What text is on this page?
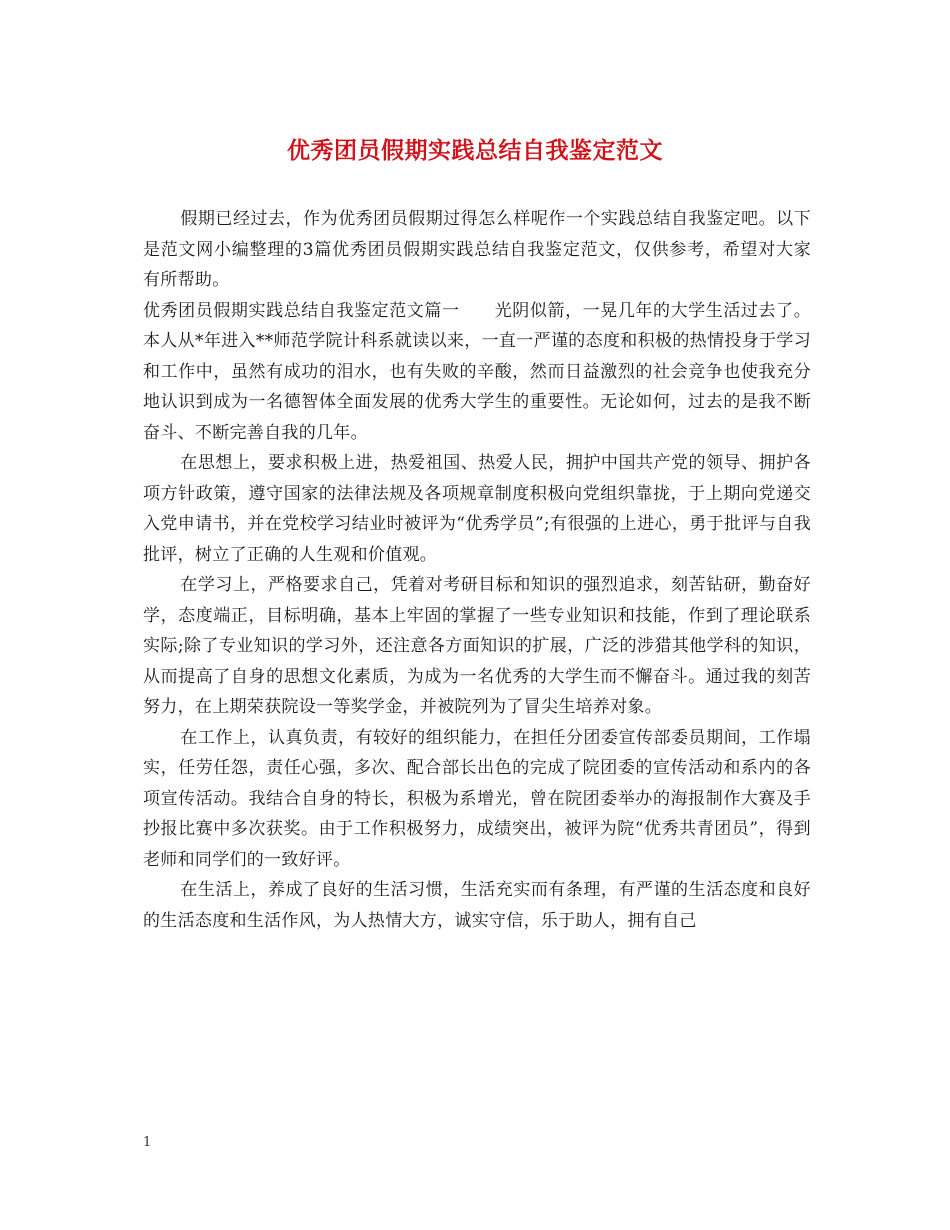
优秀团员假期实践总结自我鉴定范文

假期已经过去，作为优秀团员假期过得怎么样呢作一个实践总结自我鉴定吧。以下是范文网小编整理的3篇优秀团员假期实践总结自我鉴定范文，仅供参考，希望对大家有所帮助。

优秀团员假期实践总结自我鉴定范文篇一　　光阴似箭，一晃几年的大学生活过去了。本人从*年进入**师范学院计科系就读以来，一直一严谨的态度和积极的热情投身于学习和工作中，虽然有成功的泪水，也有失败的辛酸，然而日益激烈的社会竞争也使我充分地认识到成为一名德智体全面发展的优秀大学生的重要性。无论如何，过去的是我不断奋斗、不断完善自我的几年。

在思想上，要求积极上进，热爱祖国、热爱人民，拥护中国共产党的领导、拥护各项方针政策，遵守国家的法律法规及各项规章制度积极向党组织靠拢，于上期向党递交入党申请书，并在党校学习结业时被评为“优秀学员”;有很强的上进心，勇于批评与自我批评，树立了正确的人生观和价值观。

在学习上，严格要求自己，凭着对考研目标和知识的强烈追求，刻苦钻研，勤奋好学，态度端正，目标明确，基本上牢固的掌握了一些专业知识和技能，作到了理论联系实际;除了专业知识的学习外，还注意各方面知识的扩展，广泛的涉猎其他学科的知识，从而提高了自身的思想文化素质，为成为一名优秀的大学生而不懈奋斗。通过我的刻苦努力，在上期荣获院设一等奖学金，并被院列为了冒尖生培养对象。

在工作上，认真负责，有较好的组织能力，在担任分团委宣传部委员期间，工作塌实，任劳任怨，责任心强，多次、配合部长出色的完成了院团委的宣传活动和系内的各项宣传活动。我结合自身的特长，积极为系增光，曾在院团委举办的海报制作大赛及手抄报比赛中多次获奖。由于工作积极努力，成绩突出，被评为院“优秀共青团员”，得到老师和同学们的一致好评。

在生活上，养成了良好的生活习惯，生活充实而有条理，有严谨的生活态度和良好的生活态度和生活作风，为人热情大方，诚实守信，乐于助人，拥有自己

1
